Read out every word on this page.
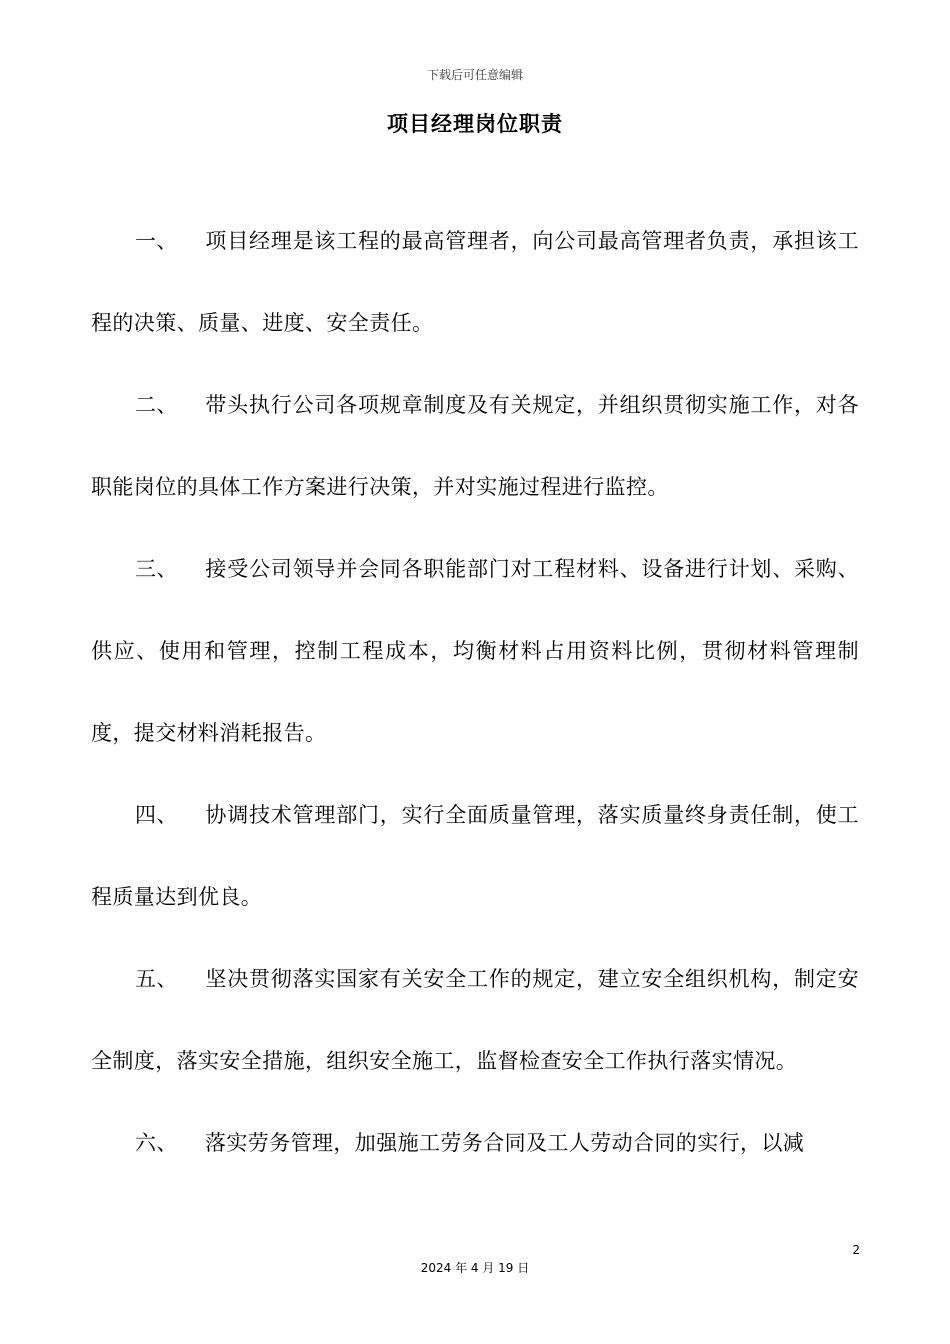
下载后可任意编辑
项目经理岗位职责

一、 项目经理是该工程的最高管理者，向公司最高管理者负责，承担该工程的决策、质量、进度、安全责任。

二、 带头执行公司各项规章制度及有关规定，并组织贯彻实施工作，对各职能岗位的具体工作方案进行决策，并对实施过程进行监控。

三、 接受公司领导并会同各职能部门对工程材料、设备进行计划、采购、供应、使用和管理，控制工程成本，均衡材料占用资料比例，贯彻材料管理制度，提交材料消耗报告。

四、 协调技术管理部门，实行全面质量管理，落实质量终身责任制，使工程质量达到优良。

五、 坚决贯彻落实国家有关安全工作的规定，建立安全组织机构，制定安全制度，落实安全措施，组织安全施工，监督检查安全工作执行落实情况。

六、 落实劳务管理，加强施工劳务合同及工人劳动合同的实行，以减

2
2024 年 4 月 19 日
